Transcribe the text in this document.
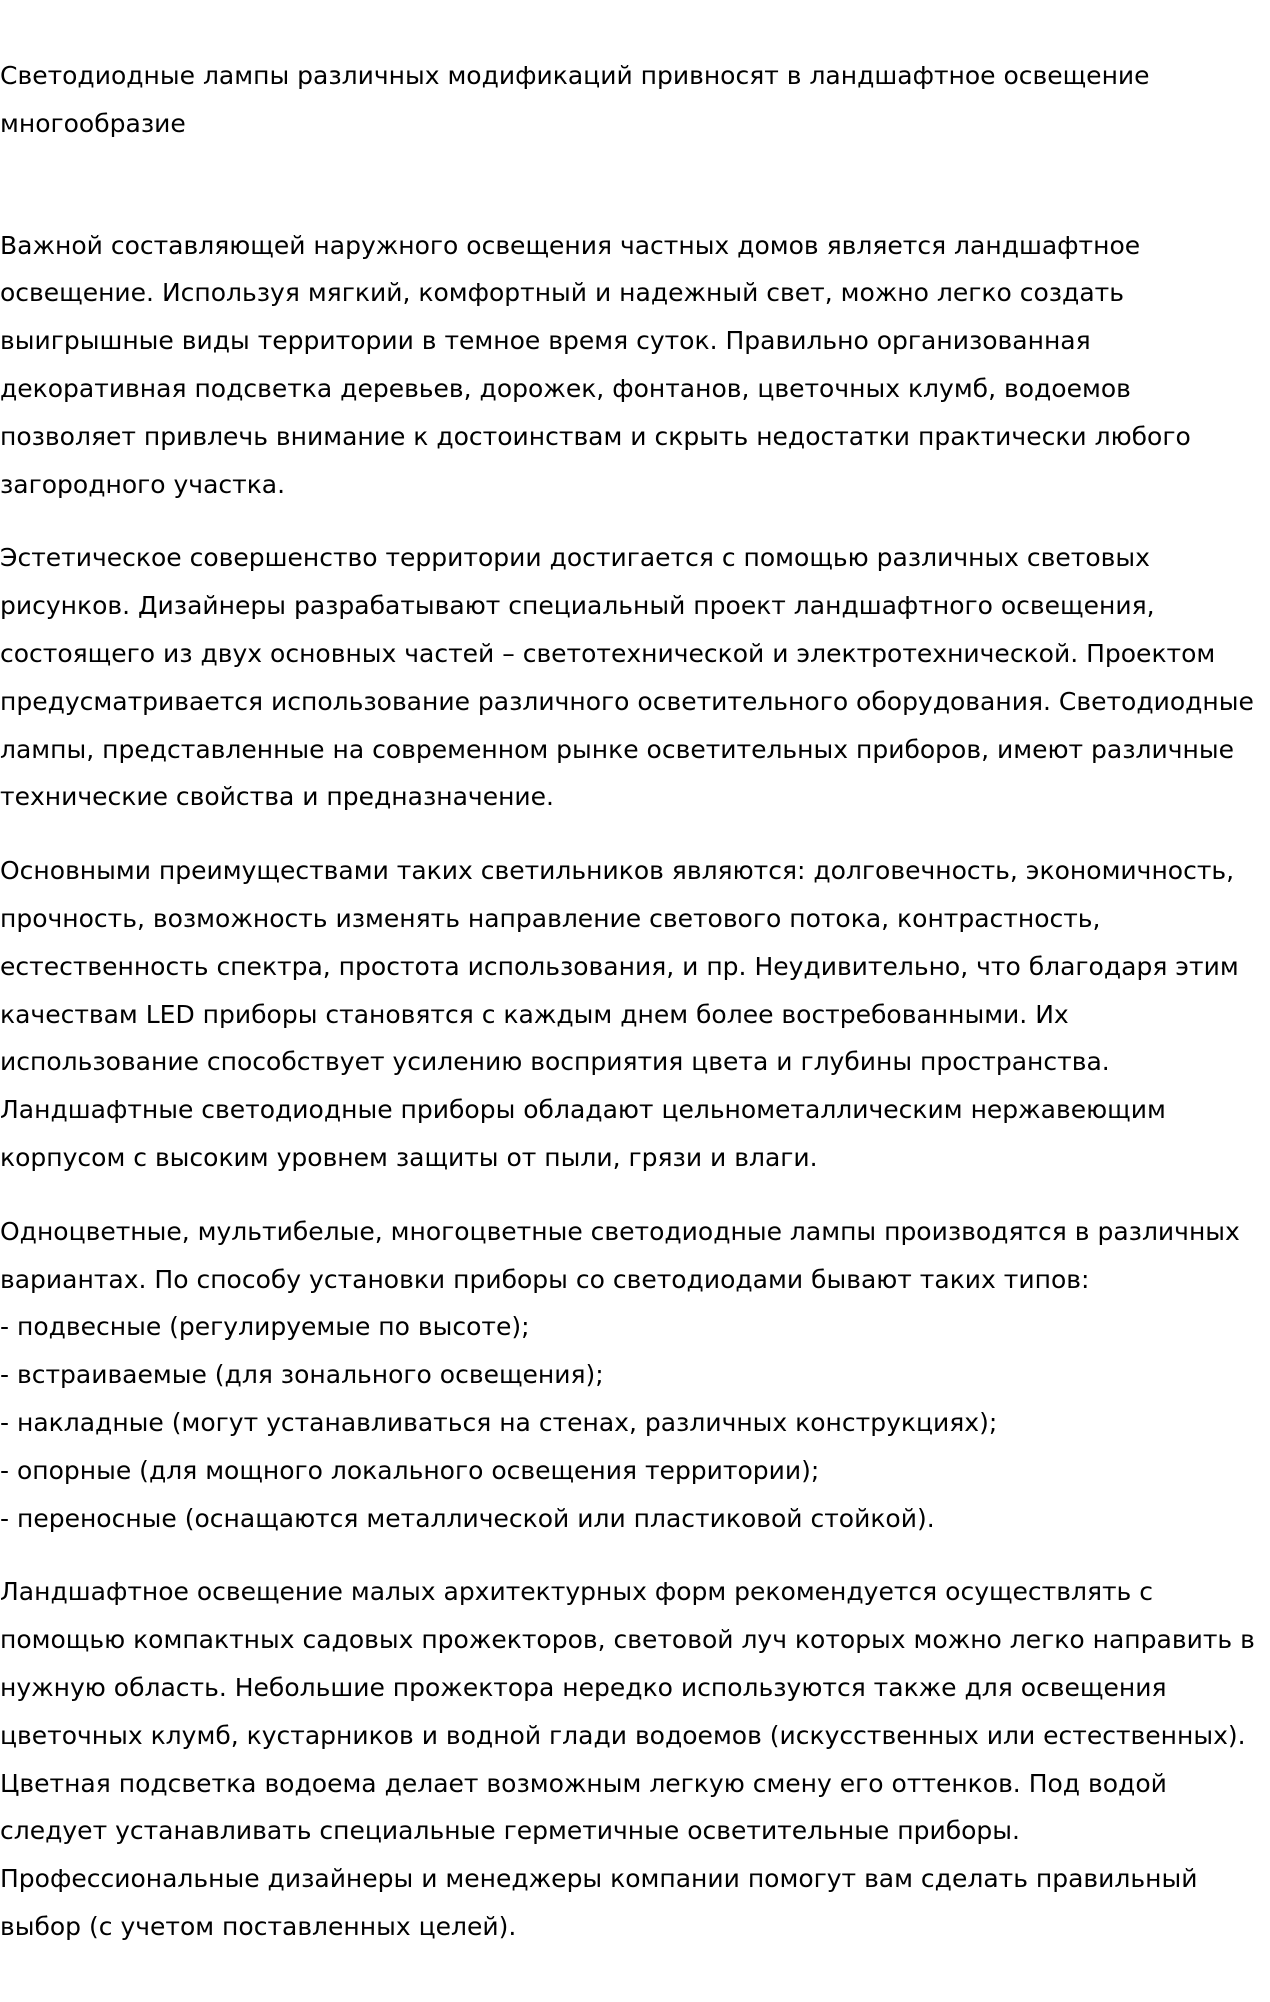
Светодиодные лампы различных модификаций привносят в ландшафтное освещение многообразие

Важной составляющей наружного освещения частных домов является ландшафтное освещение. Используя мягкий, комфортный и надежный свет, можно легко создать выигрышные виды территории в темное время суток. Правильно организованная декоративная подсветка деревьев, дорожек, фонтанов, цветочных клумб, водоемов позволяет привлечь внимание к достоинствам и скрыть недостатки практически любого загородного участка.

Эстетическое совершенство территории достигается с помощью различных световых рисунков. Дизайнеры разрабатывают специальный проект ландшафтного освещения, состоящего из двух основных частей – светотехнической и электротехнической. Проектом предусматривается использование различного осветительного оборудования. Светодиодные лампы, представленные на современном рынке осветительных приборов, имеют различные технические свойства и предназначение.

Основными преимуществами таких светильников являются: долговечность, экономичность, прочность, возможность изменять направление светового потока, контрастность, естественность спектра, простота использования, и пр. Неудивительно, что благодаря этим качествам LED приборы становятся с каждым днем более востребованными. Их использование способствует усилению восприятия цвета и глубины пространства. Ландшафтные светодиодные приборы обладают цельнометаллическим нержавеющим корпусом с высоким уровнем защиты от пыли, грязи и влаги.

Одноцветные, мультибелые, многоцветные светодиодные лампы производятся в различных вариантах. По способу установки приборы со светодиодами бывают таких типов:

- подвесные (регулируемые по высоте);
- встраиваемые (для зонального освещения);
- накладные (могут устанавливаться на стенах, различных конструкциях);
- опорные (для мощного локального освещения территории);
- переносные (оснащаются металлической или пластиковой стойкой).

Ландшафтное освещение малых архитектурных форм рекомендуется осуществлять с помощью компактных садовых прожекторов, световой луч которых можно легко направить в нужную область. Небольшие прожектора нередко используются также для освещения цветочных клумб, кустарников и водной глади водоемов (искусственных или естественных). Цветная подсветка водоема делает возможным легкую смену его оттенков. Под водой следует устанавливать специальные герметичные осветительные приборы. Профессиональные дизайнеры и менеджеры компании помогут вам сделать правильный выбор (с учетом поставленных целей).
